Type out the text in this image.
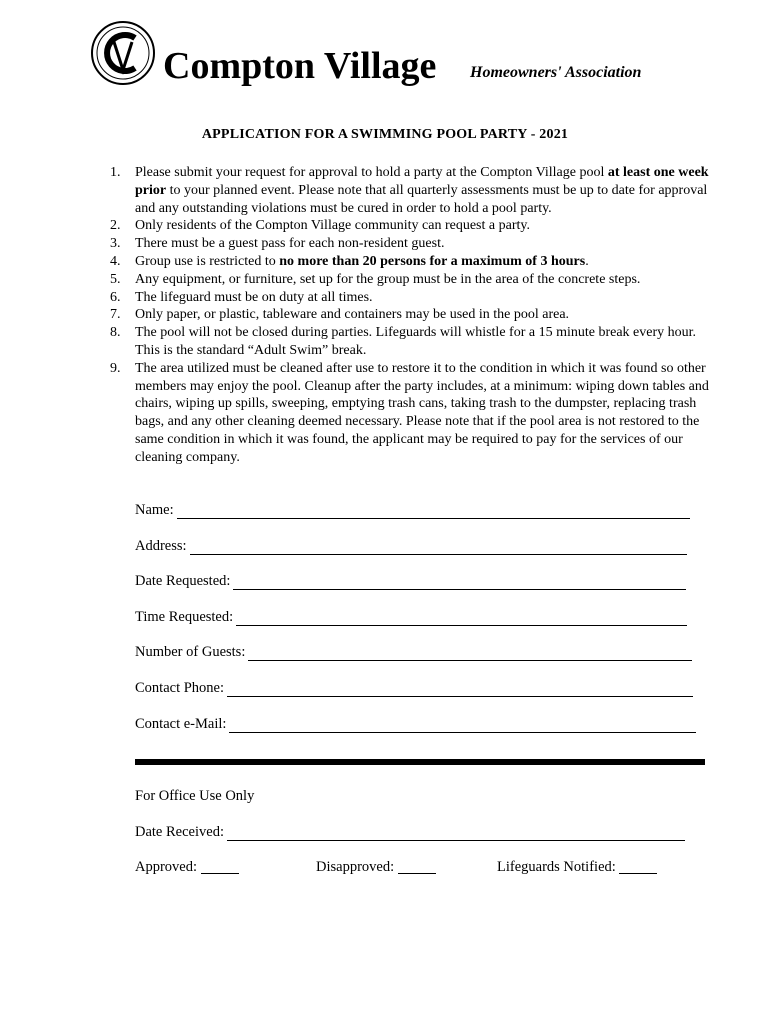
Compton Village Homeowners' Association
APPLICATION FOR A SWIMMING POOL PARTY - 2021
1. Please submit your request for approval to hold a party at the Compton Village pool at least one week prior to your planned event. Please note that all quarterly assessments must be up to date for approval and any outstanding violations must be cured in order to hold a pool party.
2. Only residents of the Compton Village community can request a party.
3. There must be a guest pass for each non-resident guest.
4. Group use is restricted to no more than 20 persons for a maximum of 3 hours.
5. Any equipment, or furniture, set up for the group must be in the area of the concrete steps.
6. The lifeguard must be on duty at all times.
7. Only paper, or plastic, tableware and containers may be used in the pool area.
8. The pool will not be closed during parties. Lifeguards will whistle for a 15 minute break every hour. This is the standard “Adult Swim” break.
9. The area utilized must be cleaned after use to restore it to the condition in which it was found so other members may enjoy the pool. Cleanup after the party includes, at a minimum: wiping down tables and chairs, wiping up spills, sweeping, emptying trash cans, taking trash to the dumpster, replacing trash bags, and any other cleaning deemed necessary. Please note that if the pool area is not restored to the same condition in which it was found, the applicant may be required to pay for the services of our cleaning company.
Name:
Address:
Date Requested:
Time Requested:
Number of Guests:
Contact Phone:
Contact e-Mail:
For Office Use Only
Date Received:
Approved:	Disapproved:	Lifeguards Notified:
